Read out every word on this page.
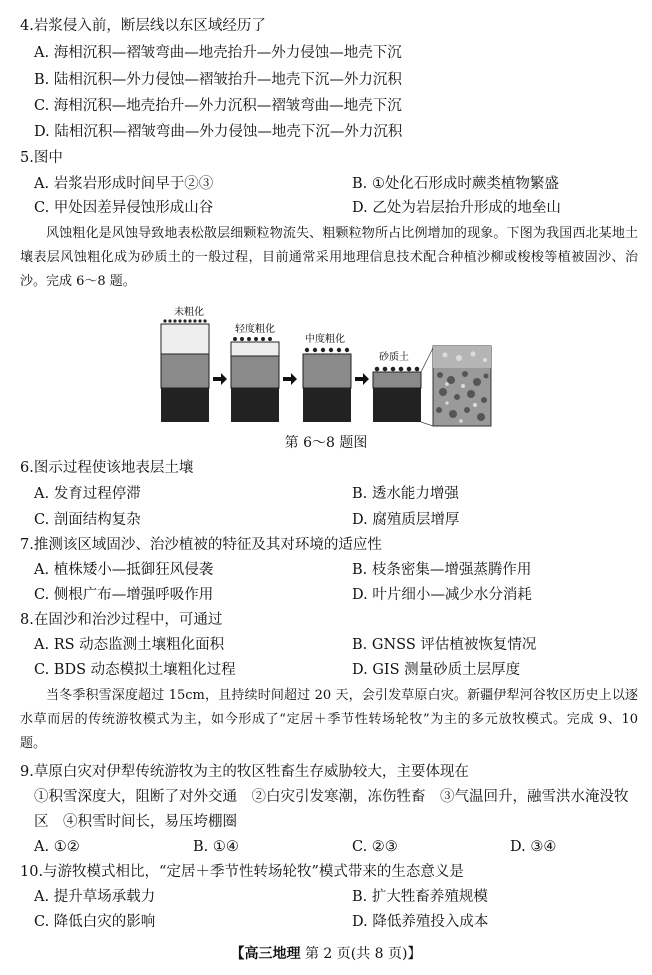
4.岩浆侵入前，断层线以东区域经历了
A. 海相沉积—褶皱弯曲—地壳抬升—外力侵蚀—地壳下沉
B. 陆相沉积—外力侵蚀—褶皱抬升—地壳下沉—外力沉积
C. 海相沉积—地壳抬升—外力沉积—褶皱弯曲—地壳下沉
D. 陆相沉积—褶皱弯曲—外力侵蚀—地壳下沉—外力沉积
5.图中
A. 岩浆岩形成时间早于②③	B. ①处化石形成时蕨类植物繁盛
C. 甲处因差异侵蚀形成山谷	D. 乙处为岩层抬升形成的地垒山

风蚀粗化是风蚀导致地表松散层细颗粒物流失、粗颗粒物所占比例增加的现象。下图为我国西北某地土壤表层风蚀粗化成为砂质土的一般过程，目前通常采用地理信息技术配合种植沙柳或梭梭等植被固沙、治沙。完成 6～8 题。

未粗化
轻度粗化
中度粗化
砂质土
第 6～8 题图
6.图示过程使该地表层土壤
A. 发育过程停滞	B. 透水能力增强
C. 剖面结构复杂	D. 腐殖质层增厚
7.推测该区域固沙、治沙植被的特征及其对环境的适应性
A. 植株矮小—抵御狂风侵袭	B. 枝条密集—增强蒸腾作用
C. 侧根广布—增强呼吸作用	D. 叶片细小—减少水分消耗
8.在固沙和治沙过程中，可通过
A. RS 动态监测土壤粗化面积	B. GNSS 评估植被恢复情况
C. BDS 动态模拟土壤粗化过程	D. GIS 测量砂质土层厚度

当冬季积雪深度超过 15cm，且持续时间超过 20 天，会引发草原白灾。新疆伊犁河谷牧区历史上以逐水草而居的传统游牧模式为主，如今形成了“定居＋季节性转场轮牧”为主的多元放牧模式。完成 9、10 题。

9.草原白灾对伊犁传统游牧为主的牧区牲畜生存威胁较大，主要体现在
①积雪深度大，阻断了对外交通　②白灾引发寒潮，冻伤牲畜　③气温回升，融雪洪水淹没牧
区　④积雪时间长，易压垮棚圈
A. ①②	B. ①④	C. ②③	D. ③④
10.与游牧模式相比，“定居＋季节性转场轮牧”模式带来的生态意义是
A. 提升草场承载力	B. 扩大牲畜养殖规模
C. 降低白灾的影响	D. 降低养殖投入成本
【高三地理 第 2 页(共 8 页)】
